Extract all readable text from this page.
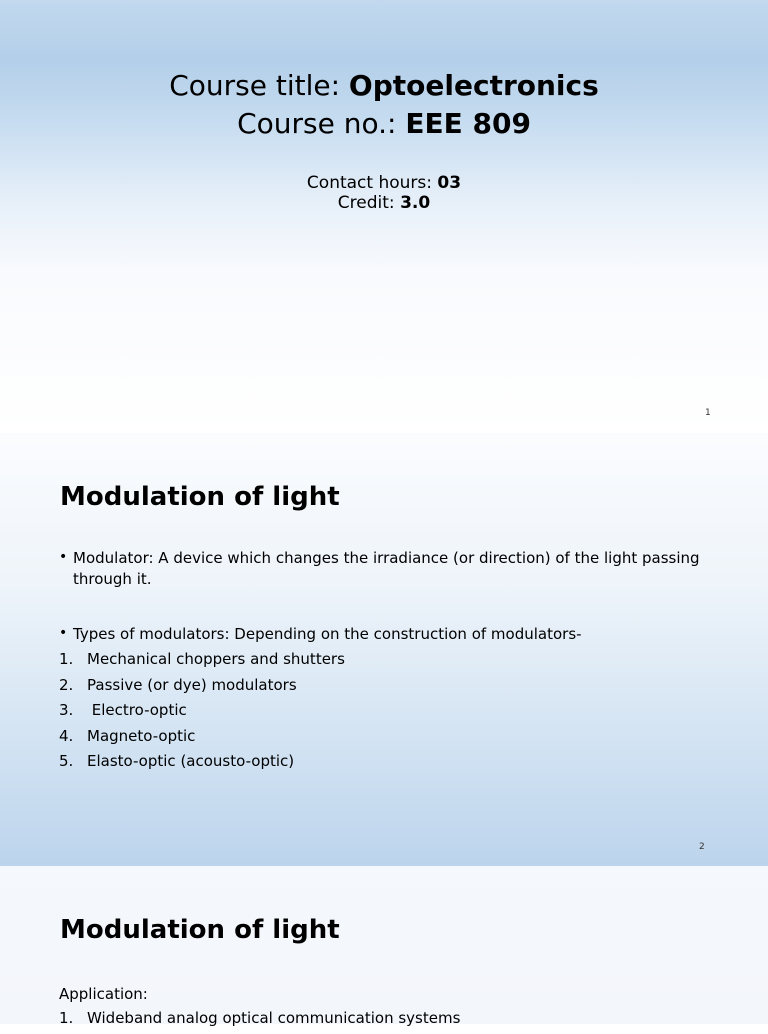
Course title: Optoelectronics
Course no.: EEE 809
Contact hours: 03
Credit: 3.0
1
Modulation of light
• Modulator: A device which changes the irradiance (or direction) of the light passing
through it.
• Types of modulators: Depending on the construction of modulators-
1. Mechanical choppers and shutters
2. Passive (or dye) modulators
3. Electro-optic
4. Magneto-optic
5. Elasto-optic (acousto-optic)
2
Modulation of light
Application:
1. Wideband analog optical communication systems
